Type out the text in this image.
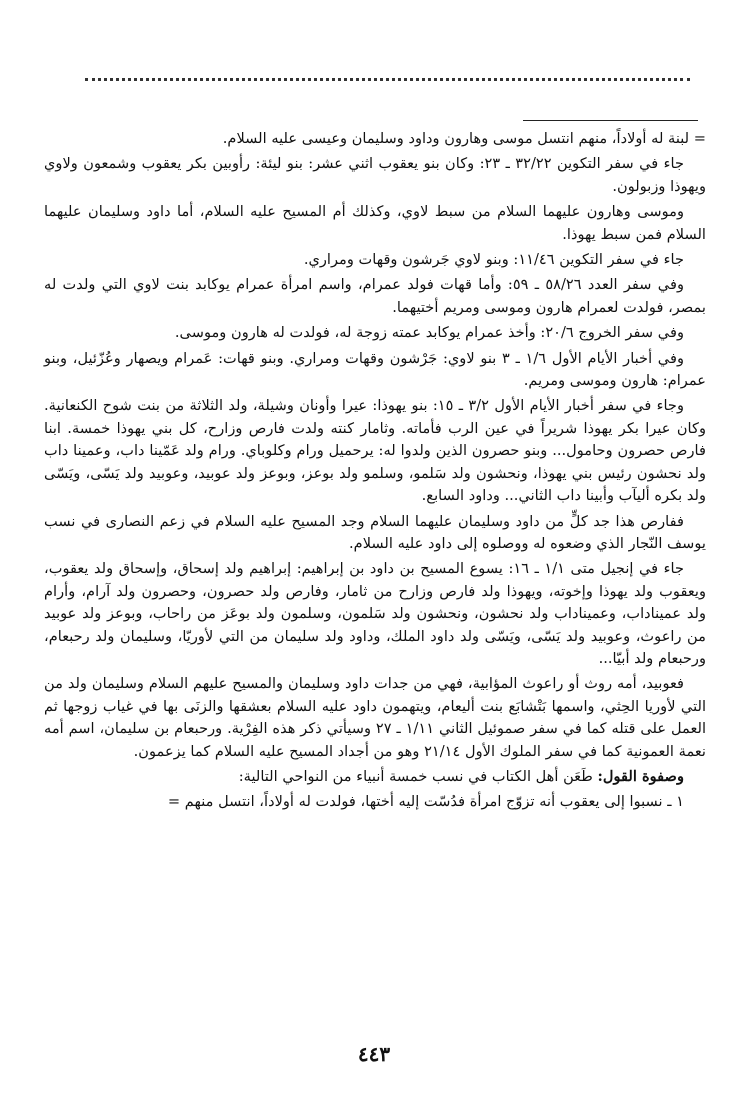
= لبنة له أولاداً، منهم انتسل موسى وهارون وداود وسليمان وعيسى عليه السلام.

جاء في سفر التكوين ٣٢/٢٢ ـ ٢٣: وكان بنو يعقوب اثني عشر: بنو ليئة: رأوبين بكر يعقوب وشمعون ولاوي ويهوذا وزبولون.

وموسى وهارون عليهما السلام من سبط لاوي، وكذلك أم المسيح عليه السلام، أما داود وسليمان عليهما السلام فمن سبط يهوذا.

جاء في سفر التكوين ١١/٤٦: وبنو لاوي جَرشون وقهات ومراري.

وفي سفر العدد ٥٨/٢٦ ـ ٥٩: وأما قهات فولد عمرام، واسم امرأة عمرام يوكابد بنت لاوي التي ولدت له بمصر، فولدت لعمرام هارون وموسى ومريم أختيهما.

وفي سفر الخروج ٢٠/٦: وأخذ عمرام يوكابد عمته زوجة له، فولدت له هارون وموسى.

وفي أخبار الأيام الأول ١/٦ ـ ٣ بنو لاوي: جَرْشون وقهات ومراري. وبنو قهات: عَمرام ويصهار وعُزّئيل، وبنو عمرام: هارون وموسى ومريم.

وجاء في سفر أخبار الأيام الأول ٣/٢ ـ ١٥: بنو يهوذا: عيرا وأونان وشيلة، ولد الثلاثة من بنت شوح الكنعانية. وكان عيرا بكر يهوذا شريراً في عين الرب فأماته. وثامار كنته ولدت فارص وزارح، كل بني يهوذا خمسة. ابنا فارص حصرون وحامول... وبنو حصرون الذين ولدوا له: يرحميل ورام وكلوباي. ورام ولد عَمّينا داب، وعمينا داب ولد نحشون رئيس بني يهوذا، ونحشون ولد سَلمو، وسلمو ولد بوعز، وبوعز ولد عوبيد، وعوبيد ولد يَسّى، ويَسّى ولد بكره أليآب وأبينا داب الثاني... وداود السابع.

ففارص هذا جد كلٍّ من داود وسليمان عليهما السلام وجد المسيح عليه السلام في زعم النصارى في نسب يوسف النّجار الذي وضعوه له ووصلوه إلى داود عليه السلام.

جاء في إنجيل متى ١/١ ـ ١٦: يسوع المسيح بن داود بن إبراهيم: إبراهيم ولد إسحاق، وإسحاق ولد يعقوب، ويعقوب ولد يهوذا وإخوته، ويهوذا ولد فارص وزارح من ثامار، وفارص ولد حصرون، وحصرون ولد آرام، وأرام ولد عميناداب، وعميناداب ولد نحشون، ونحشون ولد سَلمون، وسلمون ولد بوعَز من راحاب، وبوعز ولد عوبيد من راعوث، وعوبيد ولد يَسّى، ويَسّى ولد داود الملك، وداود ولد سليمان من التي لأوريّا، وسليمان ولد رحبعام، ورحبعام ولد أبيّا...

فعوبيد، أمه روث أو راعوث المؤابية، فهي من جدات داود وسليمان والمسيح عليهم السلام وسليمان ولد من التي لأوريا الحِثي، واسمها بَتْشابَع بنت أليعام، ويتهمون داود عليه السلام بعشقها والزنَى بها في غياب زوجها ثم العمل على قتله كما في سفر صموئيل الثاني ١/١١ ـ ٢٧ وسيأتي ذكر هذه الفِرْية. ورحبعام بن سليمان، اسم أمه نعمة العمونية كما في سفر الملوك الأول ٢١/١٤ وهو من أجداد المسيح عليه السلام كما يزعمون.

وصفوة القول: طَعَن أهل الكتاب في نسب خمسة أنبياء من النواحي التالية:

١ ـ نسبوا إلى يعقوب أنه تزوّج امرأة فدُسّت إليه أختها، فولدت له أولاداً، انتسل منهم =

٤٤٣
